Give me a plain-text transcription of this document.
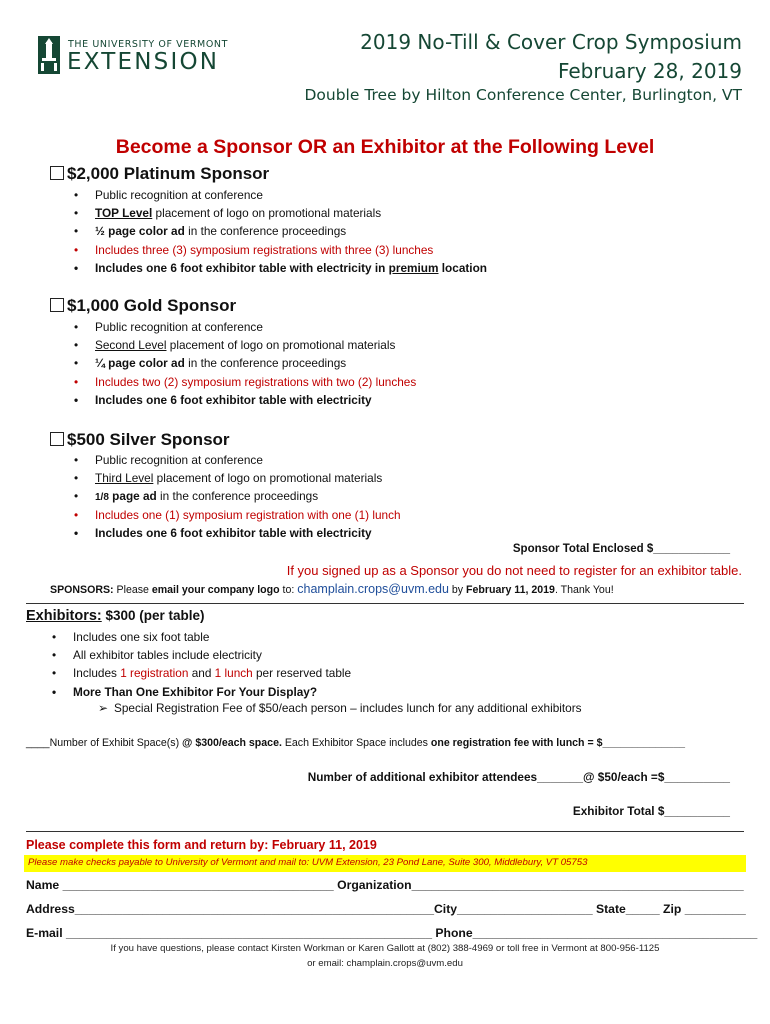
THE UNIVERSITY OF VERMONT
EXTENSION
2019 No-Till & Cover Crop Symposium
February 28, 2019
Double Tree by Hilton Conference Center, Burlington, VT
Become a Sponsor OR an Exhibitor at the Following Level
$2,000 Platinum Sponsor
• Public recognition at conference
• TOP Level placement of logo on promotional materials
• ½ page color ad in the conference proceedings
• Includes three (3) symposium registrations with three (3) lunches
• Includes one 6 foot exhibitor table with electricity in premium location
$1,000 Gold Sponsor
• Public recognition at conference
• Second Level placement of logo on promotional materials
• ¼ page color ad in the conference proceedings
• Includes two (2) symposium registrations with two (2) lunches
• Includes one 6 foot exhibitor table with electricity
$500 Silver Sponsor
• Public recognition at conference
• Third Level placement of logo on promotional materials
• 1/8 page ad in the conference proceedings
• Includes one (1) symposium registration with one (1) lunch
• Includes one 6 foot exhibitor table with electricity
Sponsor Total Enclosed $____________
If you signed up as a Sponsor you do not need to register for an exhibitor table.
SPONSORS: Please email your company logo to: champlain.crops@uvm.edu by February 11, 2019. Thank You!
Exhibitors: $300 (per table)
• Includes one six foot table
• All exhibitor tables include electricity
• Includes 1 registration and 1 lunch per reserved table
• More Than One Exhibitor For Your Display?
➢ Special Registration Fee of $50/each person – includes lunch for any additional exhibitors
____Number of Exhibit Space(s) @ $300/each space. Each Exhibitor Space includes one registration fee with lunch = $______________
Number of additional exhibitor attendees_______@ $50/each =$__________
Exhibitor Total $__________
Please complete this form and return by: February 11, 2019
Please make checks payable to University of Vermont and mail to: UVM Extension, 23 Pond Lane, Suite 300, Middlebury, VT 05753
Name ________________________________________ Organization_________________________________________________
Address_____________________________________________________City____________________ State_____ Zip _________
E-mail ______________________________________________________ Phone__________________________________________
If you have questions, please contact Kirsten Workman or Karen Gallott at (802) 388-4969 or toll free in Vermont at 800-956-1125
or email: champlain.crops@uvm.edu
